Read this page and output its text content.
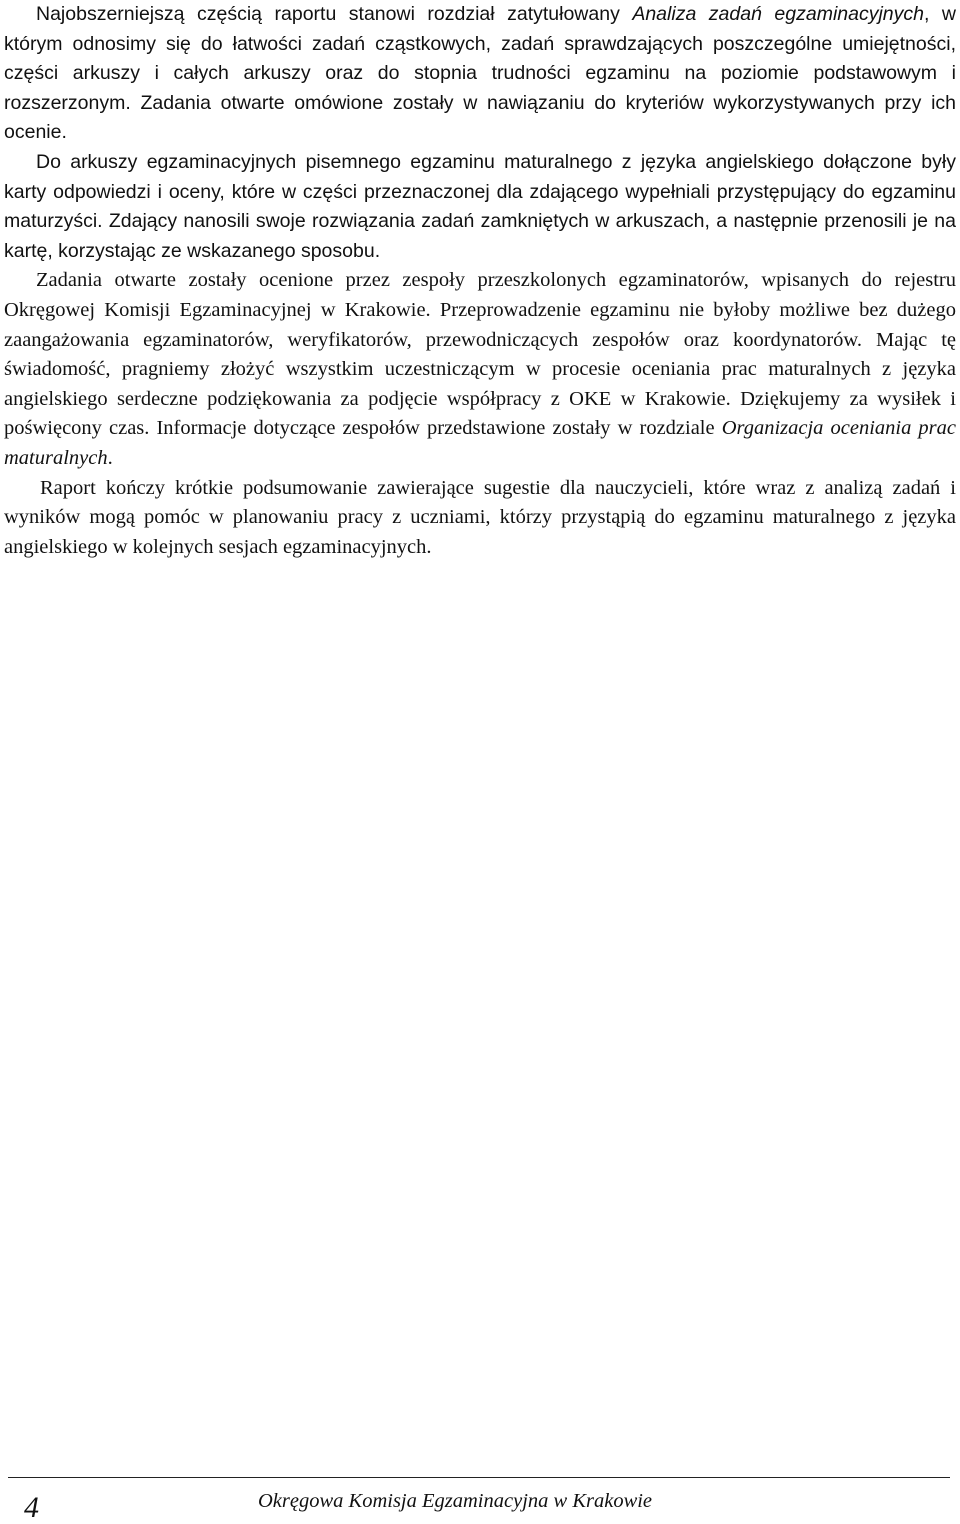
Najobszerniejszą częścią raportu stanowi rozdział zatytułowany Analiza zadań egzaminacyjnych, w którym odnosimy się do łatwości zadań cząstkowych, zadań sprawdzających poszczególne umiejętności, części arkuszy i całych arkuszy oraz do stopnia trudności egzaminu na poziomie podstawowym i rozszerzonym. Zadania otwarte omówione zostały w nawiązaniu do kryteriów wykorzystywanych przy ich ocenie.

Do arkuszy egzaminacyjnych pisemnego egzaminu maturalnego z języka angielskiego dołączone były karty odpowiedzi i oceny, które w części przeznaczonej dla zdającego wypełniali przystępujący do egzaminu maturzyści. Zdający nanosili swoje rozwiązania zadań zamkniętych w arkuszach, a następnie przenosili je na kartę, korzystając ze wskazanego sposobu.

Zadania otwarte zostały ocenione przez zespoły przeszkolonych egzaminatorów, wpisanych do rejestru Okręgowej Komisji Egzaminacyjnej w Krakowie. Przeprowadzenie egzaminu nie byłoby możliwe bez dużego zaangażowania egzaminatorów, weryfikatorów, przewodniczących zespołów oraz koordynatorów. Mając tę świadomość, pragniemy złożyć wszystkim uczestniczącym w procesie oceniania prac maturalnych z języka angielskiego serdeczne podziękowania za podjęcie współpracy z OKE w Krakowie. Dziękujemy za wysiłek i poświęcony czas. Informacje dotyczące zespołów przedstawione zostały w rozdziale Organizacja oceniania prac maturalnych.

Raport kończy krótkie podsumowanie zawierające sugestie dla nauczycieli, które wraz z analizą zadań i wyników mogą pomóc w planowaniu pracy z uczniami, którzy przystąpią do egzaminu maturalnego z języka angielskiego w kolejnych sesjach egzaminacyjnych.

4	Okręgowa Komisja Egzaminacyjna w Krakowie
